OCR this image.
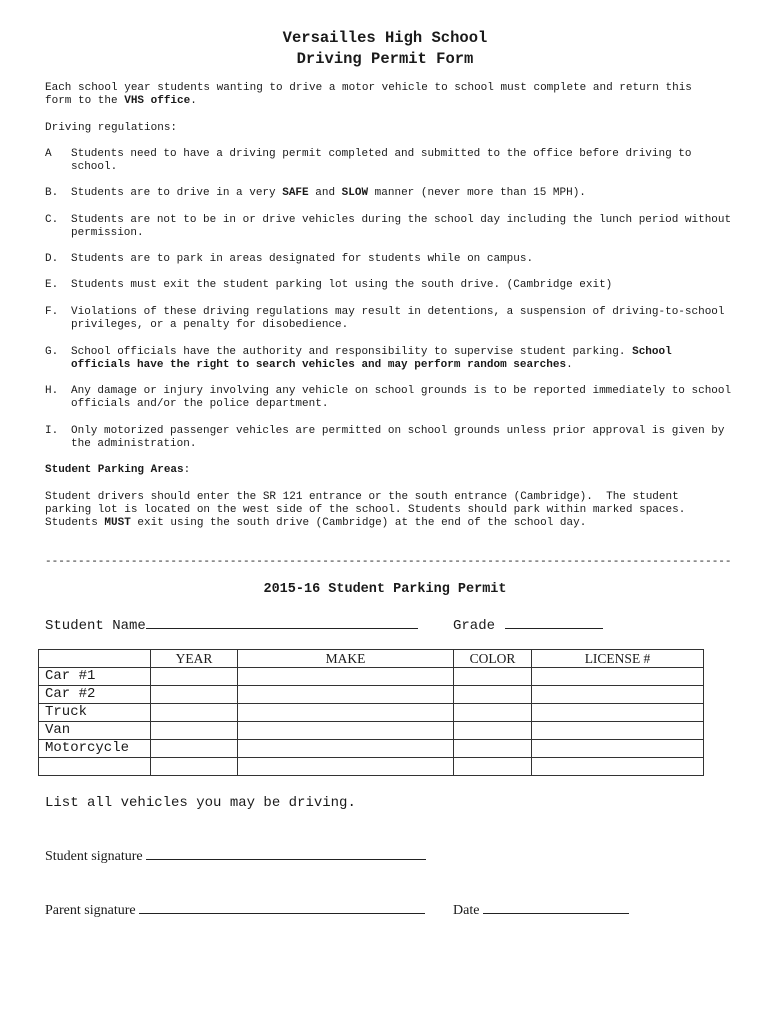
Versailles High School
Driving Permit Form
Each school year students wanting to drive a motor vehicle to school must complete and return this
form to the VHS office.
Driving regulations:
A Students need to have a driving permit completed and submitted to the office before driving to school.
B. Students are to drive in a very SAFE and SLOW manner (never more than 15 MPH).
C. Students are not to be in or drive vehicles during the school day including the lunch period without permission.
D. Students are to park in areas designated for students while on campus.
E. Students must exit the student parking lot using the south drive. (Cambridge exit)
F. Violations of these driving regulations may result in detentions, a suspension of driving-to-school privileges, or a penalty for disobedience.
G. School officials have the authority and responsibility to supervise student parking. School officials have the right to search vehicles and may perform random searches.
H. Any damage or injury involving any vehicle on school grounds is to be reported immediately to school officials and/or the police department.
I. Only motorized passenger vehicles are permitted on school grounds unless prior approval is given by the administration.
Student Parking Areas:
Student drivers should enter the SR 121 entrance or the south entrance (Cambridge).  The student
parking lot is located on the west side of the school. Students should park within marked spaces.
Students MUST exit using the south drive (Cambridge) at the end of the school day.
--------------------------------------------------------------------------------------------------------
2015-16 Student Parking Permit
Student Name	Grade
	YEAR	MAKE	COLOR	LICENSE #
Car #1				
Car #2				
Truck				
Van				
Motorcycle				

List all vehicles you may be driving.
Student signature
Parent signature	Date
